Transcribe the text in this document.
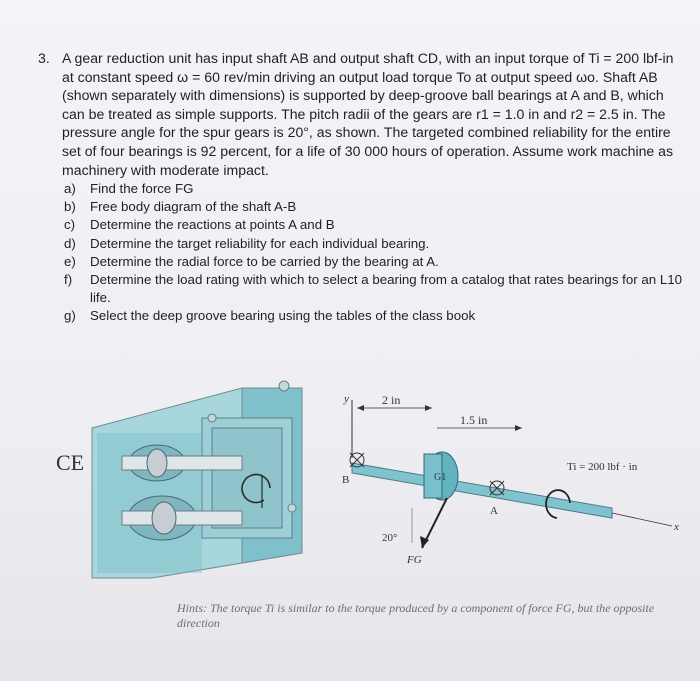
3. A gear reduction unit has input shaft AB and output shaft CD, with an input torque of Ti = 200 lbf-in at constant speed ω = 60 rev/min driving an output load torque To at output speed ωo. Shaft AB (shown separately with dimensions) is supported by deep-groove ball bearings at A and B, which can be treated as simple supports. The pitch radii of the gears are r1 = 1.0 in and r2 = 2.5 in. The pressure angle for the spur gears is 20°, as shown. The targeted combined reliability for the entire set of four bearings is 92 percent, for a life of 30 000 hours of operation. Assume work machine as machinery with moderate impact.
a) Find the force FG
b) Free body diagram of the shaft A-B
c) Determine the reactions at points A and B
d) Determine the target reliability for each individual bearing.
e) Determine the radial force to be carried by the bearing at A.
f) Determine the load rating with which to select a bearing from a catalog that rates bearings for an L10 life.
g) Select the deep groove bearing using the tables of the class book
CE
y	2 in
1.5 in
B	G1
A
20°
FG
x
Ti = 200 lbf · in
Hints: The torque Ti is similar to the torque produced by a component of force FG, but the opposite direction
